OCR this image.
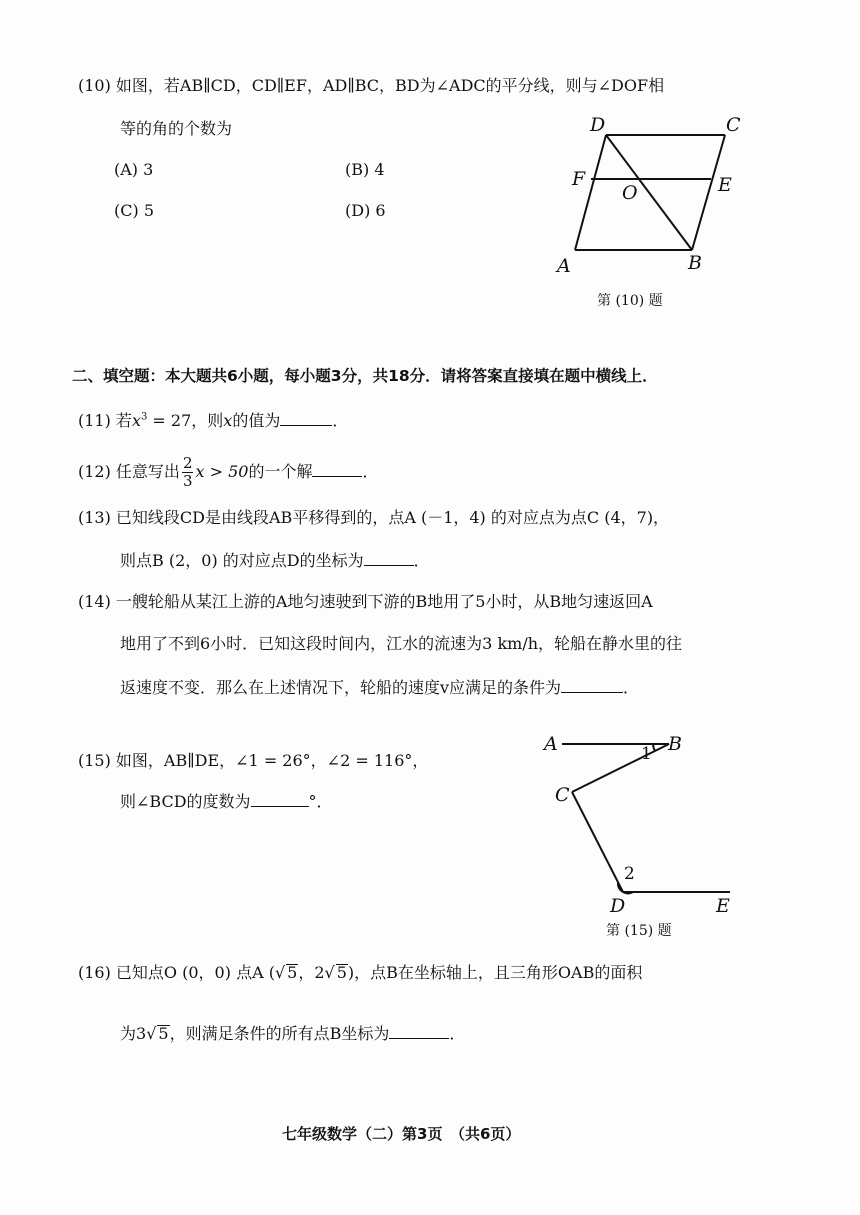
(10) 如图，若AB∥CD，CD∥EF，AD∥BC，BD为∠ADC的平分线，则与∠DOF相
等的角的个数为
(A) 3	(B) 4
(C) 5	(D) 6
D	C
F
O	E
A	B
第 (10) 题
二、填空题：本大题共6小题，每小题3分，共18分．请将答案直接填在题中横线上．
(11) 若$x^3 = 27$，则x的值为	．
(12) 任意写出 $\frac{2}{3}$ x > 50的一个解	．
(13) 已知线段CD是由线段AB平移得到的，点A (－1，4) 的对应点为点C (4，7)，
则点B (2，0) 的对应点D的坐标为	．
(14) 一艘轮船从某江上游的A地匀速驶到下游的B地用了5小时，从B地匀速返回A
地用了不到6小时．已知这段时间内，江水的流速为3 km/h，轮船在静水里的往
返速度不变．那么在上述情况下，轮船的速度v应满足的条件为	．
(15) 如图，AB∥DE，∠1 = 26°，∠2 = 116°，
则∠BCD的度数为	°．
A	B
1
C
2
D	E
第 (15) 题
(16) 已知点O (0，0) 点A (√ 5，2√ 5)，点B在坐标轴上，且三角形OAB的面积
为3√ 5，则满足条件的所有点B坐标为	．
七年级数学（二）第3页　（共6页）
